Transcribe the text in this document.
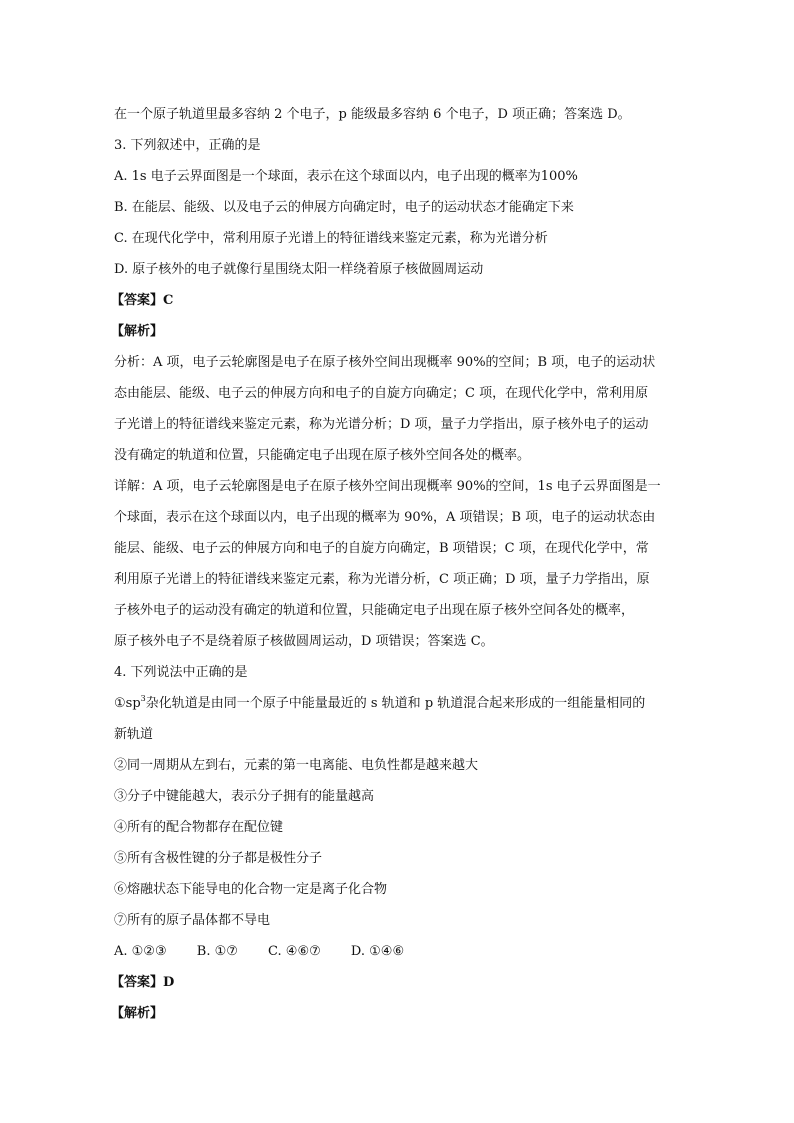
在一个原子轨道里最多容纳 2 个电子，p 能级最多容纳 6 个电子，D 项正确；答案选 D。
3. 下列叙述中，正确的是
A. 1s 电子云界面图是一个球面，表示在这个球面以内，电子出现的概率为100%
B. 在能层、能级、以及电子云的伸展方向确定时，电子的运动状态才能确定下来
C. 在现代化学中，常利用原子光谱上的特征谱线来鉴定元素，称为光谱分析
D. 原子核外的电子就像行星围绕太阳一样绕着原子核做圆周运动
【答案】C
【解析】
分析：A 项，电子云轮廓图是电子在原子核外空间出现概率 90%的空间；B 项，电子的运动状
态由能层、能级、电子云的伸展方向和电子的自旋方向确定；C 项，在现代化学中，常利用原
子光谱上的特征谱线来鉴定元素，称为光谱分析；D 项，量子力学指出，原子核外电子的运动
没有确定的轨道和位置，只能确定电子出现在原子核外空间各处的概率。
详解：A 项，电子云轮廓图是电子在原子核外空间出现概率 90%的空间，1s 电子云界面图是一
个球面，表示在这个球面以内，电子出现的概率为 90%，A 项错误；B 项，电子的运动状态由
能层、能级、电子云的伸展方向和电子的自旋方向确定，B 项错误；C 项，在现代化学中，常
利用原子光谱上的特征谱线来鉴定元素，称为光谱分析，C 项正确；D 项，量子力学指出，原
子核外电子的运动没有确定的轨道和位置，只能确定电子出现在原子核外空间各处的概率，
原子核外电子不是绕着原子核做圆周运动，D 项错误；答案选 C。
4. 下列说法中正确的是
$①sp^3$杂化轨道是由同一个原子中能量最近的 s 轨道和 p 轨道混合起来形成的一组能量相同的
新轨道
②同一周期从左到右，元素的第一电离能、电负性都是越来越大
③分子中键能越大，表示分子拥有的能量越高
④所有的配合物都存在配位键
⑤所有含极性键的分子都是极性分子
⑥熔融状态下能导电的化合物一定是离子化合物
⑦所有的原子晶体都不导电
A. ①②③ B. ①⑦ C. ④⑥⑦ D. ①④⑥
【答案】D
【解析】
